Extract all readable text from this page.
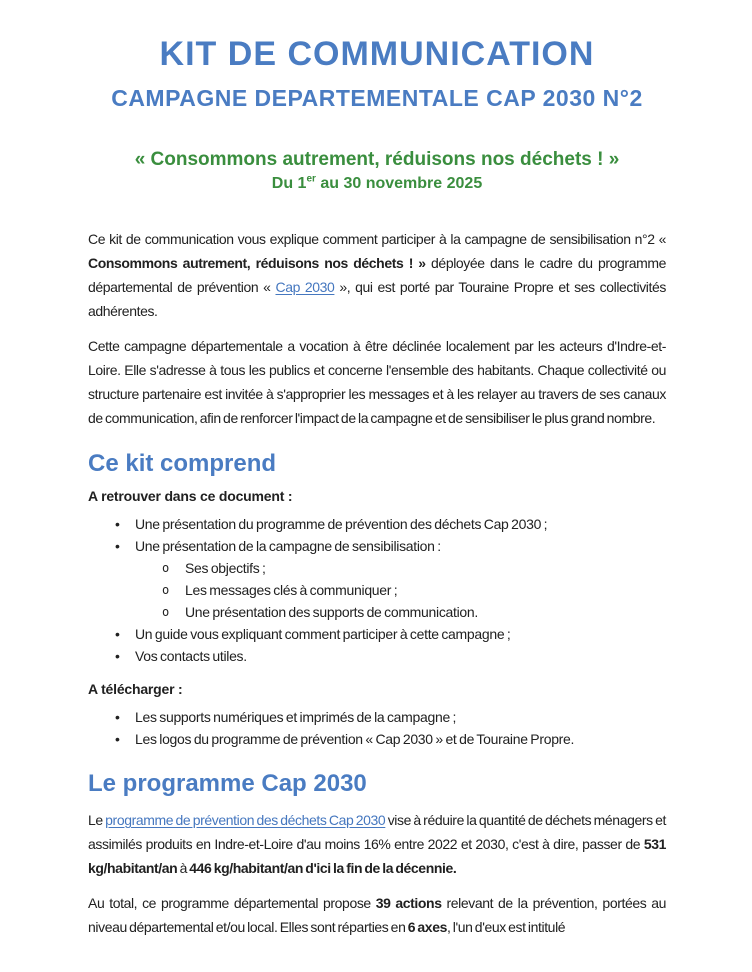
KIT DE COMMUNICATION
CAMPAGNE DEPARTEMENTALE CAP 2030 N°2
« Consommons autrement, réduisons nos déchets ! »
Du 1er au 30 novembre 2025

Ce kit de communication vous explique comment participer à la campagne de sensibilisation n°2 « Consommons autrement, réduisons nos déchets ! » déployée dans le cadre du programme départemental de prévention « Cap 2030 », qui est porté par Touraine Propre et ses collectivités adhérentes.

Cette campagne départementale a vocation à être déclinée localement par les acteurs d'Indre-et-Loire. Elle s'adresse à tous les publics et concerne l'ensemble des habitants. Chaque collectivité ou structure partenaire est invitée à s'approprier les messages et à les relayer au travers de ses canaux de communication, afin de renforcer l'impact de la campagne et de sensibiliser le plus grand nombre.

Ce kit comprend
A retrouver dans ce document :
• Une présentation du programme de prévention des déchets Cap 2030 ;
• Une présentation de la campagne de sensibilisation :
o Ses objectifs ;
o Les messages clés à communiquer ;
o Une présentation des supports de communication.
• Un guide vous expliquant comment participer à cette campagne ;
• Vos contacts utiles.
A télécharger :
• Les supports numériques et imprimés de la campagne ;
• Les logos du programme de prévention « Cap 2030 » et de Touraine Propre.
Le programme Cap 2030

Le programme de prévention des déchets Cap 2030 vise à réduire la quantité de déchets ménagers et assimilés produits en Indre-et-Loire d'au moins 16% entre 2022 et 2030, c'est à dire, passer de 531 kg/habitant/an à 446 kg/habitant/an d'ici la fin de la décennie.

Au total, ce programme départemental propose 39 actions relevant de la prévention, portées au niveau départemental et/ou local. Elles sont réparties en 6 axes, l'un d'eux est intitulé
